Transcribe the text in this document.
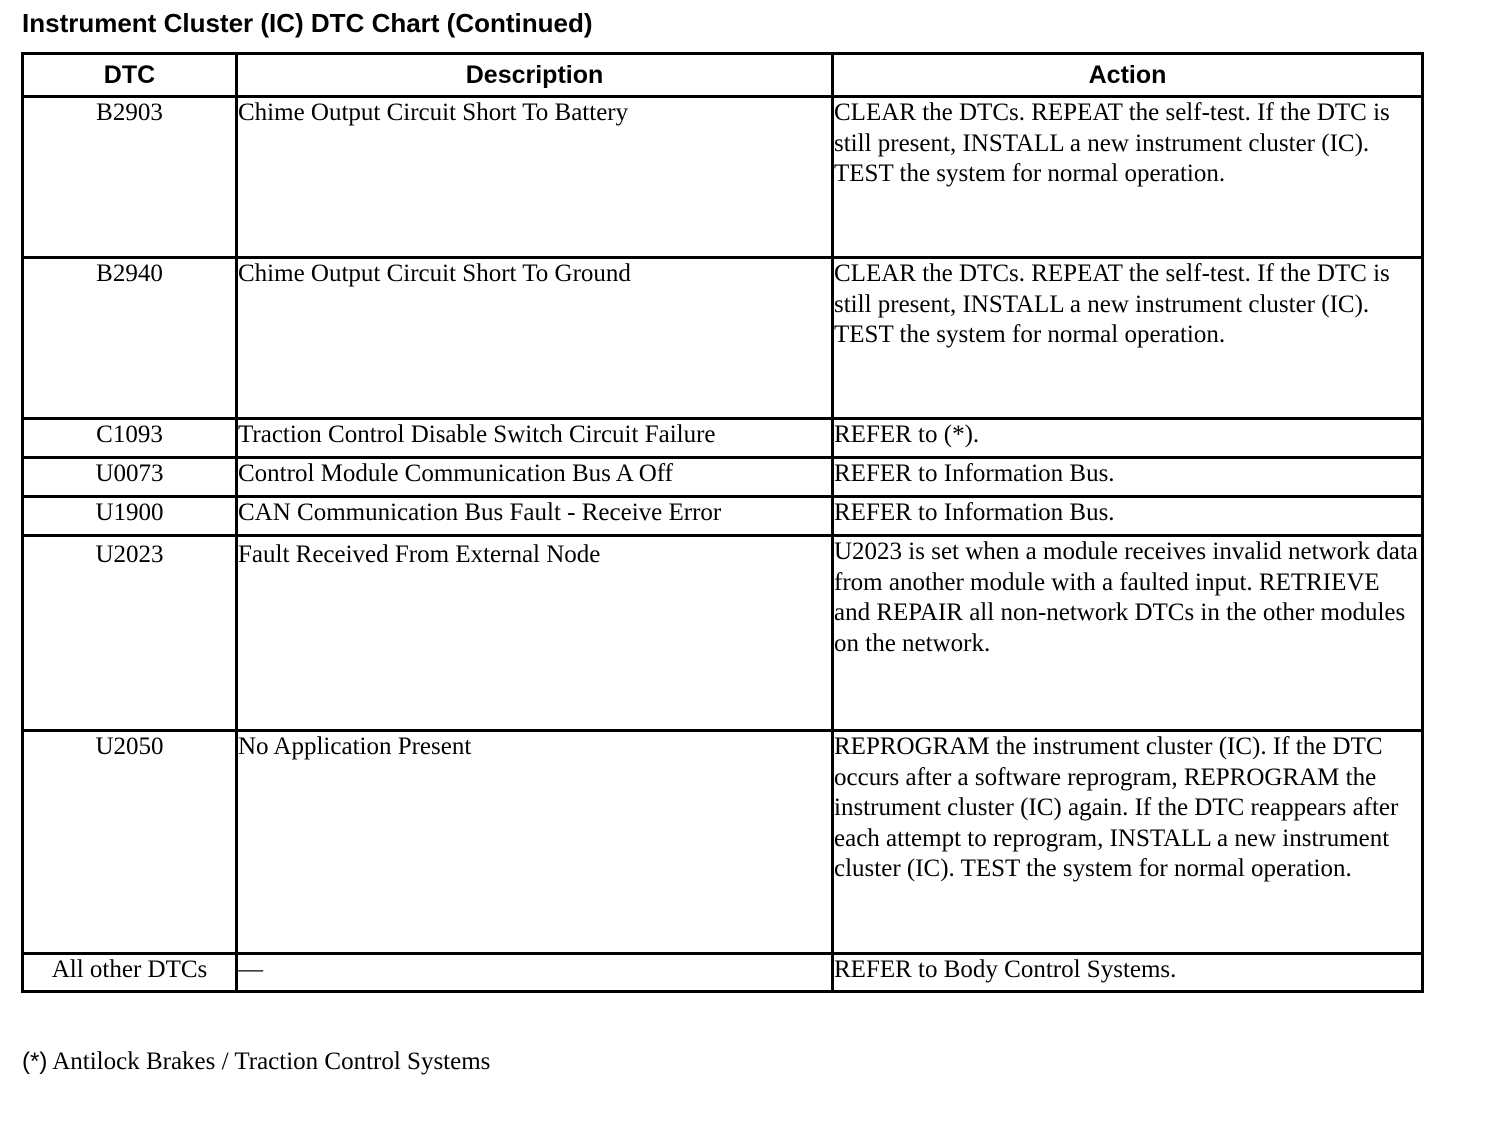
Instrument Cluster (IC) DTC Chart (Continued)
DTC	Description	Action
B2903	Chime Output Circuit Short To Battery	CLEAR the DTCs. REPEAT the self-test. If the DTC is still present, INSTALL a new instrument cluster (IC). TEST the system for normal operation.
B2940	Chime Output Circuit Short To Ground	CLEAR the DTCs. REPEAT the self-test. If the DTC is still present, INSTALL a new instrument cluster (IC). TEST the system for normal operation.
C1093	Traction Control Disable Switch Circuit Failure	REFER to (*).
U0073	Control Module Communication Bus A Off	REFER to Information Bus.
U1900	CAN Communication Bus Fault - Receive Error	REFER to Information Bus.
U2023	Fault Received From External Node	U2023 is set when a module receives invalid network data from another module with a faulted input. RETRIEVE and REPAIR all non-network DTCs in the other modules on the network.
U2050	No Application Present	REPROGRAM the instrument cluster (IC). If the DTC occurs after a software reprogram, REPROGRAM the instrument cluster (IC) again. If the DTC reappears after each attempt to reprogram, INSTALL a new instrument cluster (IC). TEST the system for normal operation.
All other DTCs	—	REFER to Body Control Systems.
(*) Antilock Brakes / Traction Control Systems
